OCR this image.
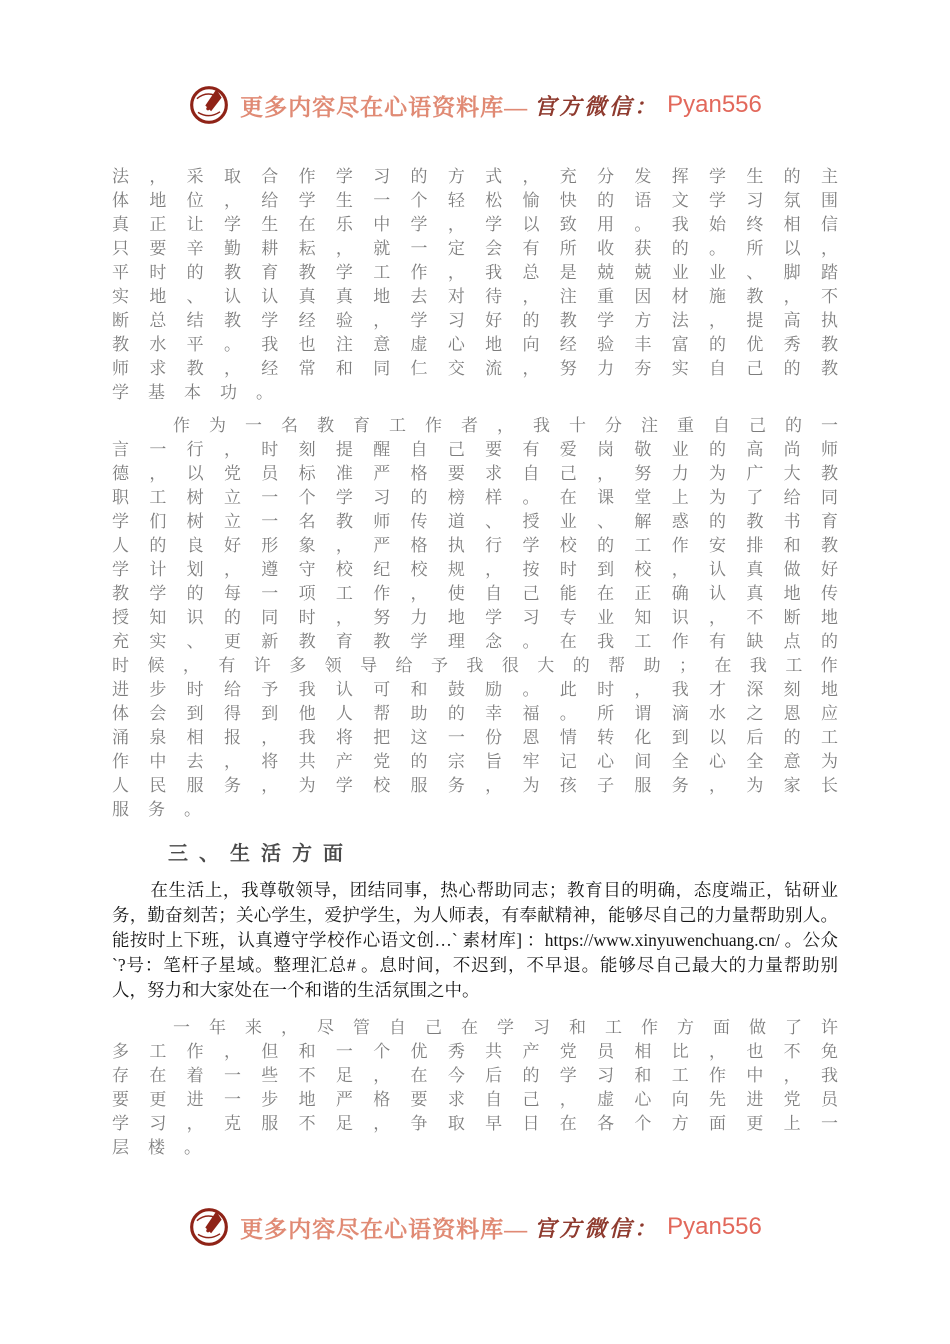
更多内容尽在心语资料库— 官方微信： Pyan556
法 ， 采 取 合 作 学 习 的 方 式 ， 充 分 发 挥 学 生 的 主
体 地 位 ， 给 学 生 一 个 轻 松 愉 快 的 语 文 学 习 氛 围
真 正 让 学 生 在 乐 中 学 ， 学 以 致 用 。 我 始 终 相 信
只 要 辛 勤 耕 耘 ， 就 一 定 会 有 所 收 获 的 。 所 以 ，
平 时 的 教 育 教 学 工 作 ， 我 总 是 兢 兢 业 业 、 脚 踏
实 地 、 认 认 真 真 地 去 对 待 ， 注 重 因 材 施 教 ， 不
断 总 结 教 学 经 验 ， 学 习 好 的 教 学 方 法 ， 提 高 执
教 水 平 。 我 也 注 意 虚 心 地 向 经 验 丰 富 的 优 秀 教
师 求 教 ， 经 常 和 同 仁 交 流 ， 努 力 夯 实 自 己 的 教
学	基	本	功	。
作 为 一 名 教 育 工 作 者 ， 我 十 分 注 重 自 己 的 一
言 一 行 ， 时 刻 提 醒 自 己 要 有 爱 岗 敬 业 的 高 尚 师
德 ， 以 党 员 标 准 严 格 要 求 自 己 ， 努 力 为 广 大 教
职 工 树 立 一 个 学 习 的 榜 样 。 在 课 堂 上 为 了 给 同
学 们 树 立 一 名 教 师 传 道 、 授 业 、 解 惑 的 教 书 育
人 的 良 好 形 象 ， 严 格 执 行 学 校 的 工 作 安 排 和 教
学 计 划 ， 遵 守 校 纪 校 规 ， 按 时 到 校 ， 认 真 做 好
教 学 的 每 一 项 工 作 ， 使 自 己 能 在 正 确 认 真 地 传
授 知 识 的 同 时 ， 努 力 地 学 习 专 业 知 识 ， 不 断 地
充 实 、 更 新 教 育 教 学 理 念 。 在 我 工 作 有 缺 点 的
时 候 ， 有 许 多 领 导 给 予 我 很 大 的 帮 助 ； 在 我 工 作
进 步 时 给 予 我 认 可 和 鼓 励 。 此 时 ， 我 才 深 刻 地
体 会 到 得 到 他 人 帮 助 的 幸 福 。 所 谓 滴 水 之 恩 应
涌 泉 相 报 ， 我 将 把 这 一 份 恩 情 转 化 到 以 后 的 工
作 中 去 ， 将 共 产 党 的 宗 旨 牢 记 心 间 全 心 全 意 为
人 民 服 务 ， 为 学 校 服 务 ， 为 孩 子 服 务 ， 为 家 长
服	务	。
三、生活方面

在生活上，我尊敬领导，团结同事，热心帮助同志；教育目的明确，态度端正，钻研业务，勤奋刻苦；关心学生，爱护学生，为人师表，有奉献精神，能够尽自己的力量帮助别人。能按时上下班，认真遵守学校作心语文创…` 素材库] ：https://www.xinyuwenchuang.cn/ 。公众`?号：笔杆子星域。整理汇总# 。息时间，不迟到，不早退。能够尽自己最大的力量帮助别人，努力和大家处在一个和谐的生活氛围之中。

一 年 来 ， 尽 管 自 己 在 学 习 和 工 作 方 面 做 了 许
多 工 作 ， 但 和 一 个 优 秀 共 产 党 员 相 比 ， 也 不 免
存 在 着 一 些 不 足 ， 在 今 后 的 学 习 和 工 作 中 ， 我
要 更 进 一 步 地 严 格 要 求 自 己 ， 虚 心 向 先 进 党 员
学 习 ， 克 服 不 足 ， 争 取 早 日 在 各 个 方 面 更 上 一
层	楼	。
更多内容尽在心语资料库— 官方微信： Pyan556
